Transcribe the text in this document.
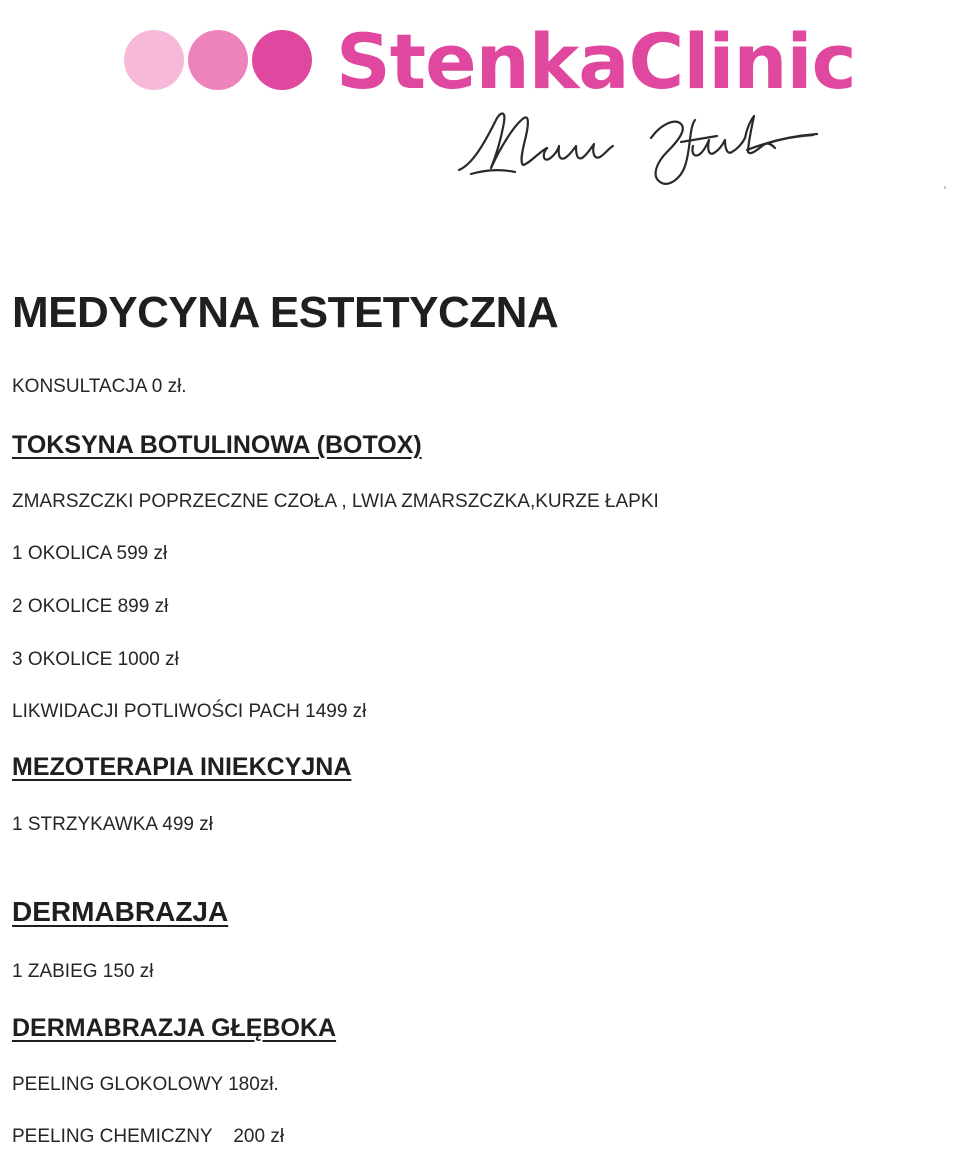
StenkaClinic
MEDYCYNA ESTETYCZNA

KONSULTACJA 0 zł.

TOKSYNA BOTULINOWA (BOTOX)

ZMARSZCZKI POPRZECZNE CZOŁA , LWIA ZMARSZCZKA,KURZE ŁAPKI

1 OKOLICA 599 zł

2 OKOLICE 899 zł

3 OKOLICE 1000 zł

LIKWIDACJI POTLIWOŚCI PACH 1499 zł

MEZOTERAPIA INIEKCYJNA

1 STRZYKAWKA 499 zł

DERMABRAZJA

1 ZABIEG 150 zł

DERMABRAZJA GŁĘBOKA

PEELING GLOKOLOWY 180zł.

PEELING CHEMICZNY    200 zł
